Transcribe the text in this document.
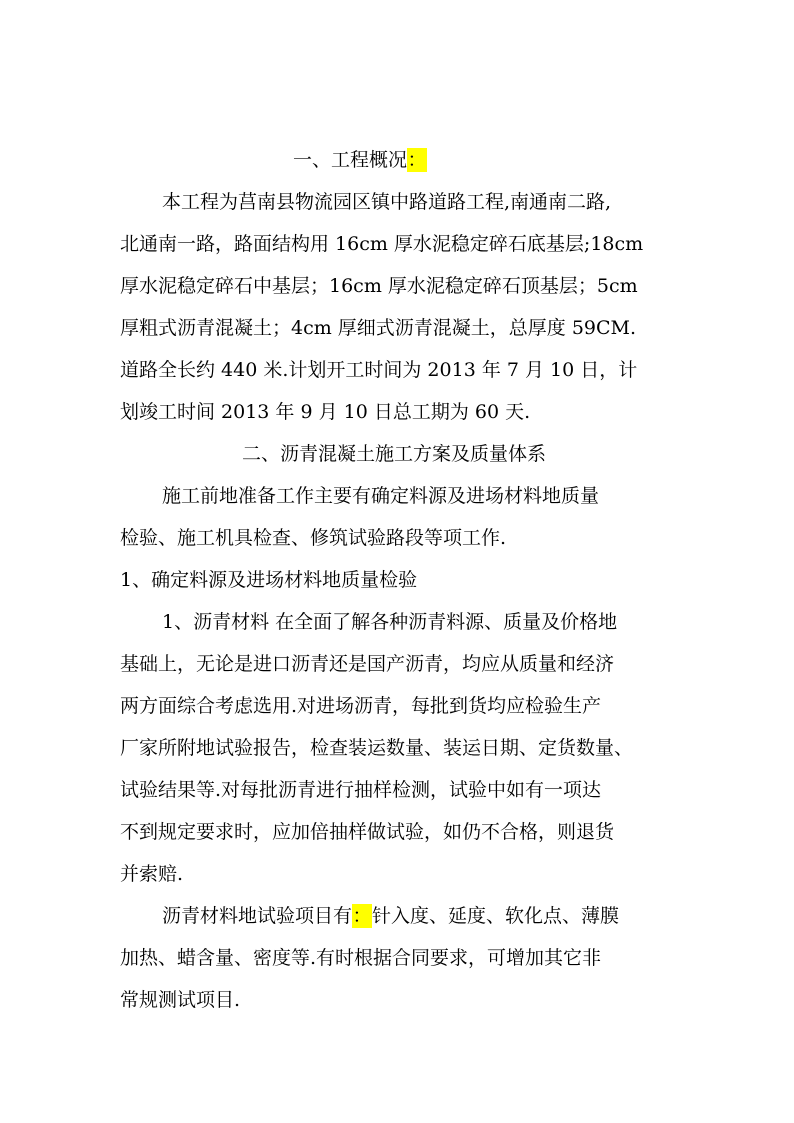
一、工程概况：
本工程为莒南县物流园区镇中路道路工程,南通南二路,
北通南一路，路面结构用 16cm 厚水泥稳定碎石底基层;18cm
厚水泥稳定碎石中基层；16cm 厚水泥稳定碎石顶基层；5cm
厚粗式沥青混凝土；4cm 厚细式沥青混凝土，总厚度 59CM.
道路全长约 440 米.计划开工时间为 2013 年 7 月 10 日，计
划竣工时间 2013 年 9 月 10 日总工期为 60 天.
二、沥青混凝土施工方案及质量体系
施工前地准备工作主要有确定料源及进场材料地质量
检验、施工机具检查、修筑试验路段等项工作.
1、确定料源及进场材料地质量检验
1、沥青材料 在全面了解各种沥青料源、质量及价格地
基础上，无论是进口沥青还是国产沥青，均应从质量和经济
两方面综合考虑选用.对进场沥青，每批到货均应检验生产
厂家所附地试验报告，检查装运数量、装运日期、定货数量、
试验结果等.对每批沥青进行抽样检测，试验中如有一项达
不到规定要求时，应加倍抽样做试验，如仍不合格，则退货
并索赔.
沥青材料地试验项目有：针入度、延度、软化点、薄膜
加热、蜡含量、密度等.有时根据合同要求，可增加其它非
常规测试项目.
